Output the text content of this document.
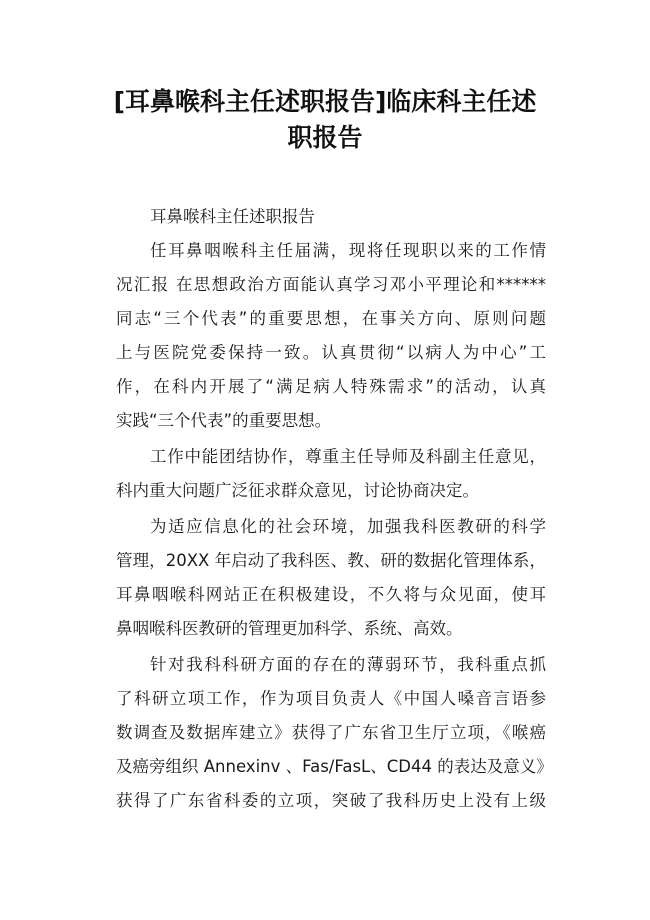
[耳鼻喉科主任述职报告]临床科主任述
职报告
耳鼻喉科主任述职报告
任耳鼻咽喉科主任届满，现将任现职以来的工作情
况汇报 在思想政治方面能认真学习邓小平理论和******
同志“三个代表”的重要思想，在事关方向、原则问题
上与医院党委保持一致。认真贯彻“以病人为中心”工
作，在科内开展了“满足病人特殊需求”的活动，认真
实践“三个代表”的重要思想。
工作中能团结协作，尊重主任导师及科副主任意见，
科内重大问题广泛征求群众意见，讨论协商决定。
为适应信息化的社会环境，加强我科医教研的科学
管理，20XX 年启动了我科医、教、研的数据化管理体系，
耳鼻咽喉科网站正在积极建设，不久将与众见面，使耳
鼻咽喉科医教研的管理更加科学、系统、高效。
针对我科科研方面的存在的薄弱环节，我科重点抓
了科研立项工作，作为项目负责人《中国人嗓音言语参
数调查及数据库建立》获得了广东省卫生厅立项，《喉癌
及癌旁组织 Annexinv 、Fas/FasL、CD44 的表达及意义》
获得了广东省科委的立项，突破了我科历史上没有上级
